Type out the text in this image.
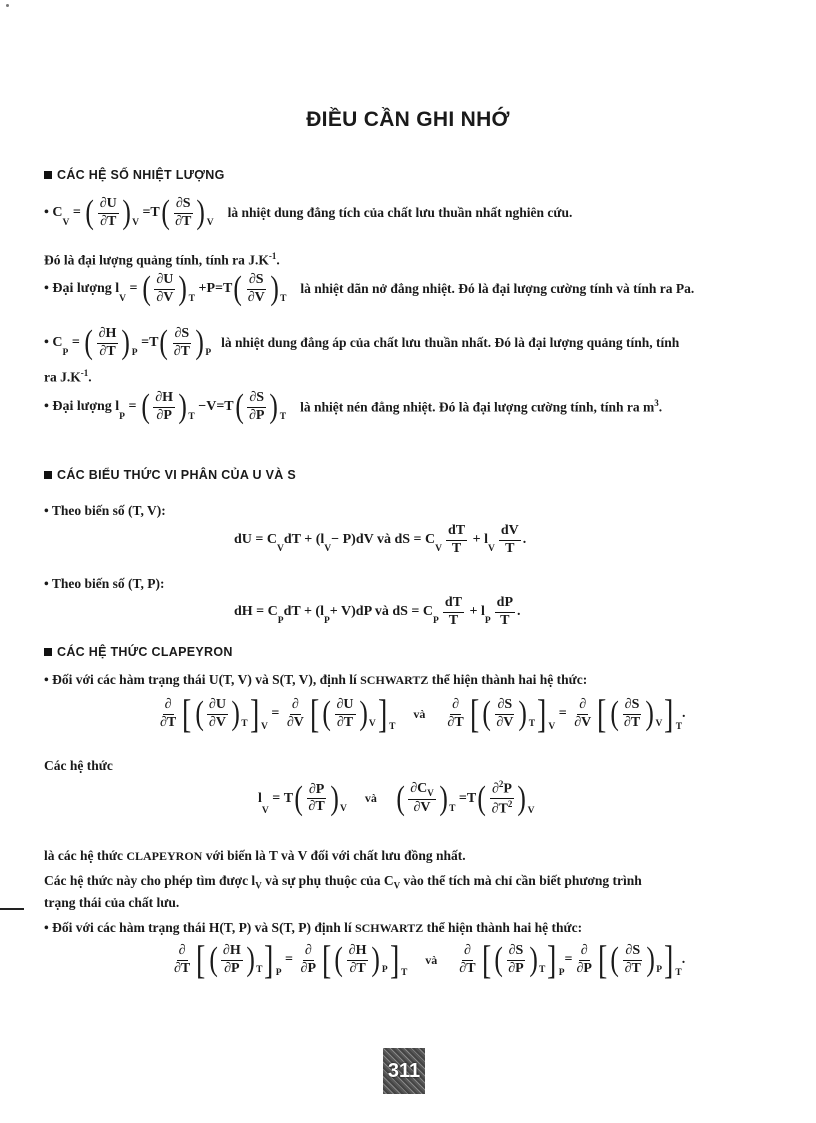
ĐIỀU CẦN GHI NHỚ
CÁC HỆ SỐ NHIỆT LƯỢNG
• C
V
= ( $\frac{\partial U}{\partial T}$ ) V
=T ( $\frac{\partial S}{\partial T}$ ) V
là nhiệt dung đẳng tích của chất lưu thuần nhất nghiên cứu.
Đó là đại lượng quảng tính, tính ra $J.K^{-1}$.
• Đại lượng l
V
= ( $\frac{\partial U}{\partial V}$ ) T
+P=T ( $\frac{\partial S}{\partial V}$ ) T
là nhiệt dãn nở đẳng nhiệt. Đó là đại lượng cường tính và tính ra Pa.
• C
P
= ( $\frac{\partial H}{\partial T}$ ) P
=T ( $\frac{\partial S}{\partial T}$ ) P
là nhiệt dung đẳng áp của chất lưu thuần nhất. Đó là đại lượng quảng tính, tính
ra $J.K^{-1}$.
• Đại lượng l
P
= ( $\frac{\partial H}{\partial P}$ ) T
−V=T ( $\frac{\partial S}{\partial P}$ ) T
là nhiệt nén đẳng nhiệt. Đó là đại lượng cường tính, tính ra $m^3$.
CÁC BIỂU THỨC VI PHÂN CỦA U VÀ S
• Theo biến số (T, V):
dU = C
V
dT + (l
V
− P)dV và dS = C
V $\frac{dT}{T} + l$
V $\frac{dV}{T}$ .
• Theo biến số (T, P):
dH = C
P
dT + (l
P
+ V)dP và dS = C
P $\frac{dT}{T} + l$
P $\frac{dP}{T}$ .
CÁC HỆ THỨC CLAPEYRON
• Đối với các hàm trạng thái U(T, V) và S(T, V), định lí SCHWARTZ thể hiện thành hai hệ thức:
$\frac{\partial}{\partial T}$ [ ( $\frac{\partial U}{\partial V}$ ) T ] V
= $\frac{\partial}{\partial V}$ [ ( $\frac{\partial U}{\partial T}$ ) V ] T
và $\frac{\partial}{\partial T}$ [ ( $\frac{\partial S}{\partial V}$ ) T ] V
= $\frac{\partial}{\partial V}$ [ ( $\frac{\partial S}{\partial T}$ ) V ] T
.
Các hệ thức
l
V
= T ( $\frac{\partial P}{\partial T}$ ) V
và ( $\frac{\partial C_V}{\partial V}$ ) T
=T ( $\frac{\partial^2P}{\partial T^2}$ ) V
là các hệ thức CLAPEYRON với biến là T và V đối với chất lưu đồng nhất.
Các hệ thức này cho phép tìm được $l_V$ và sự phụ thuộc của $C_V$ vào thể tích mà chỉ cần biết phương trình
trạng thái của chất lưu.
• Đối với các hàm trạng thái H(T, P) và S(T, P) định lí SCHWARTZ thể hiện thành hai hệ thức:
$\frac{\partial}{\partial T}$ [ ( $\frac{\partial H}{\partial P}$ ) T ] P
= $\frac{\partial}{\partial P}$ [ ( $\frac{\partial H}{\partial T}$ ) P ] T
và $\frac{\partial}{\partial T}$ [ ( $\frac{\partial S}{\partial P}$ ) T ] P
= $\frac{\partial}{\partial P}$ [ ( $\frac{\partial S}{\partial T}$ ) P ] T
.
311
